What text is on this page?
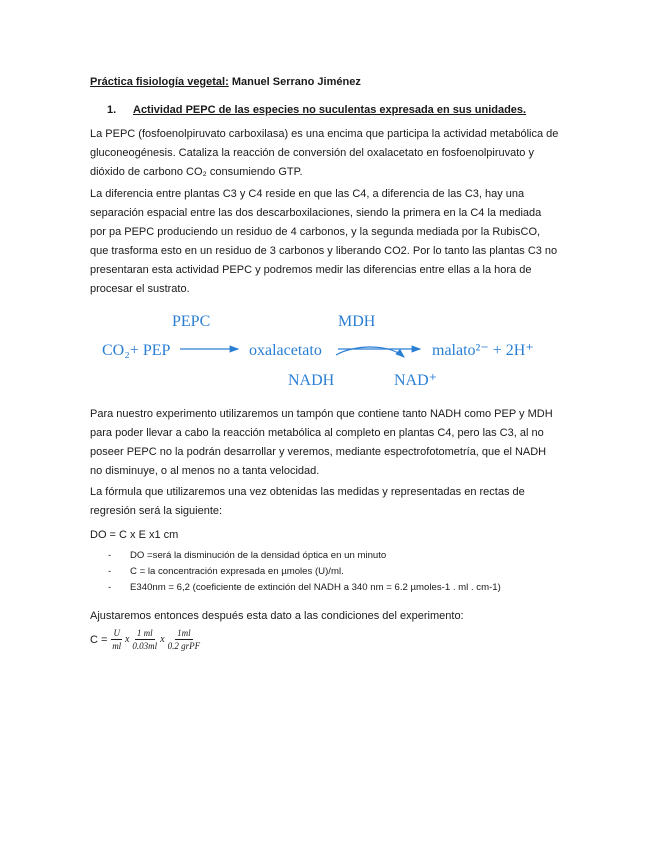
Práctica fisiología vegetal: Manuel Serrano Jiménez

1. Actividad PEPC de las especies no suculentas expresada en sus unidades.

La PEPC (fosfoenolpiruvato carboxilasa) es una encima que participa la actividad metabólica de gluconeogénesis. Cataliza la reacción de conversión del oxalacetato en fosfoenolpiruvato y dióxido de carbono CO₂ consumiendo GTP.

La diferencia entre plantas C3 y C4 reside en que las C4, a diferencia de las C3, hay una separación espacial entre las dos descarboxilaciones, siendo la primera en la C4 la mediada por pa PEPC produciendo un residuo de 4 carbonos, y la segunda mediada por la RubisCO, que trasforma esto en un residuo de 3 carbonos y liberando CO2. Por lo tanto las plantas C3 no presentaran esta actividad PEPC y podremos medir las diferencias entre ellas a la hora de procesar el sustrato.

PEPC	MDH
CO₂+ PEP	oxalacetato	malato²⁻ + 2H⁺
NADH	NAD⁺

Para nuestro experimento utilizaremos un tampón que contiene tanto NADH como PEP y MDH para poder llevar a cabo la reacción metabólica al completo en plantas C4, pero las C3, al no poseer PEPC no la podrán desarrollar y veremos, mediante espectrofotometría, que el NADH no disminuye, o al menos no a tanta velocidad.

La fórmula que utilizaremos una vez obtenidas las medidas y representadas en rectas de regresión será la siguiente:

DO = C x E x1 cm

- DO =será la disminución de la densidad óptica en un minuto
- C = la concentración expresada en µmoles (U)/ml.
- E340nm = 6,2 (coeficiente de extinción del NADH a 340 nm = 6.2 µmoles-1 . ml . cm-1)

Ajustaremos entonces después esta dato a las condiciones del experimento:

$C = \frac{U}{ml}$ x $\frac{1 ml}{0.03ml}$ x $\frac{1ml}{\text{0.2 grPF}}$
